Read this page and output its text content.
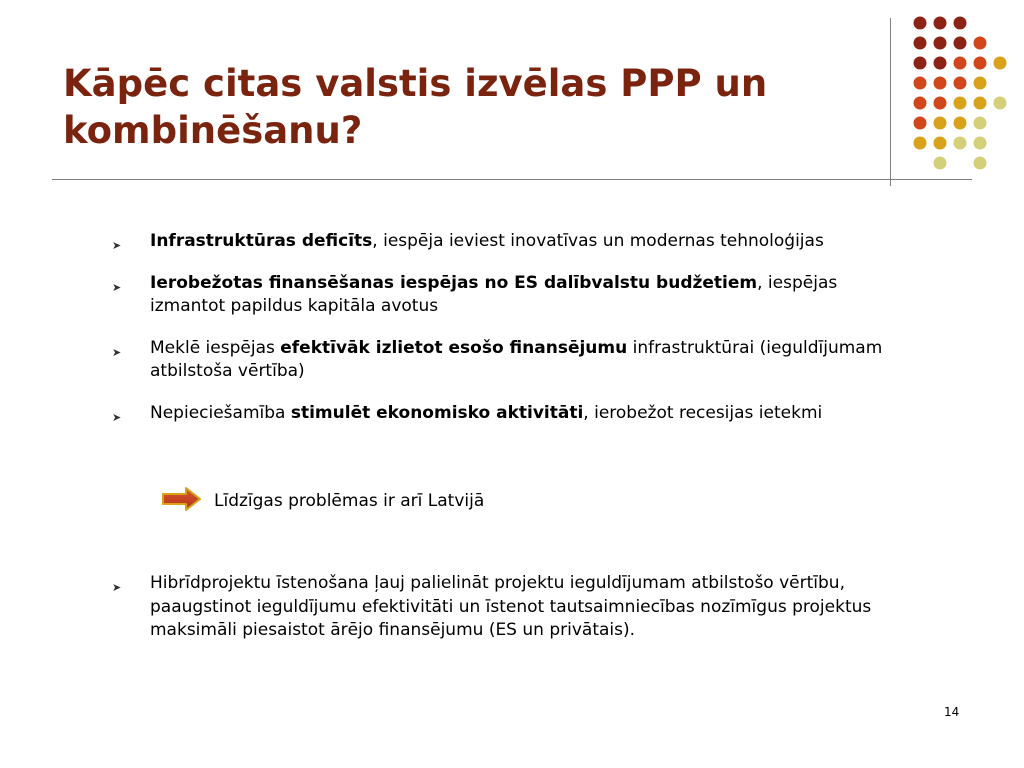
Kāpēc citas valstis izvēlas PPP un
kombinēšanu?
➤ Infrastruktūras deficīts, iespēja ieviest inovatīvas un modernas tehnoloģijas
➤ Ierobežotas finansēšanas iespējas no ES dalībvalstu budžetiem, iespējas izmantot papildus kapitāla avotus
➤ Meklē iespējas efektīvāk izlietot esošo finansējumu infrastruktūrai (ieguldījumam atbilstoša vērtība)
➤ Nepieciešamība stimulēt ekonomisko aktivitāti, ierobežot recesijas ietekmi
Līdzīgas problēmas ir arī Latvijā
➤ Hibrīdprojektu īstenošana ļauj palielināt projektu ieguldījumam atbilstošo vērtību, paaugstinot ieguldījumu efektivitāti un īstenot tautsaimniecības nozīmīgus projektus maksimāli piesaistot ārējo finansējumu (ES un privātais).
14
